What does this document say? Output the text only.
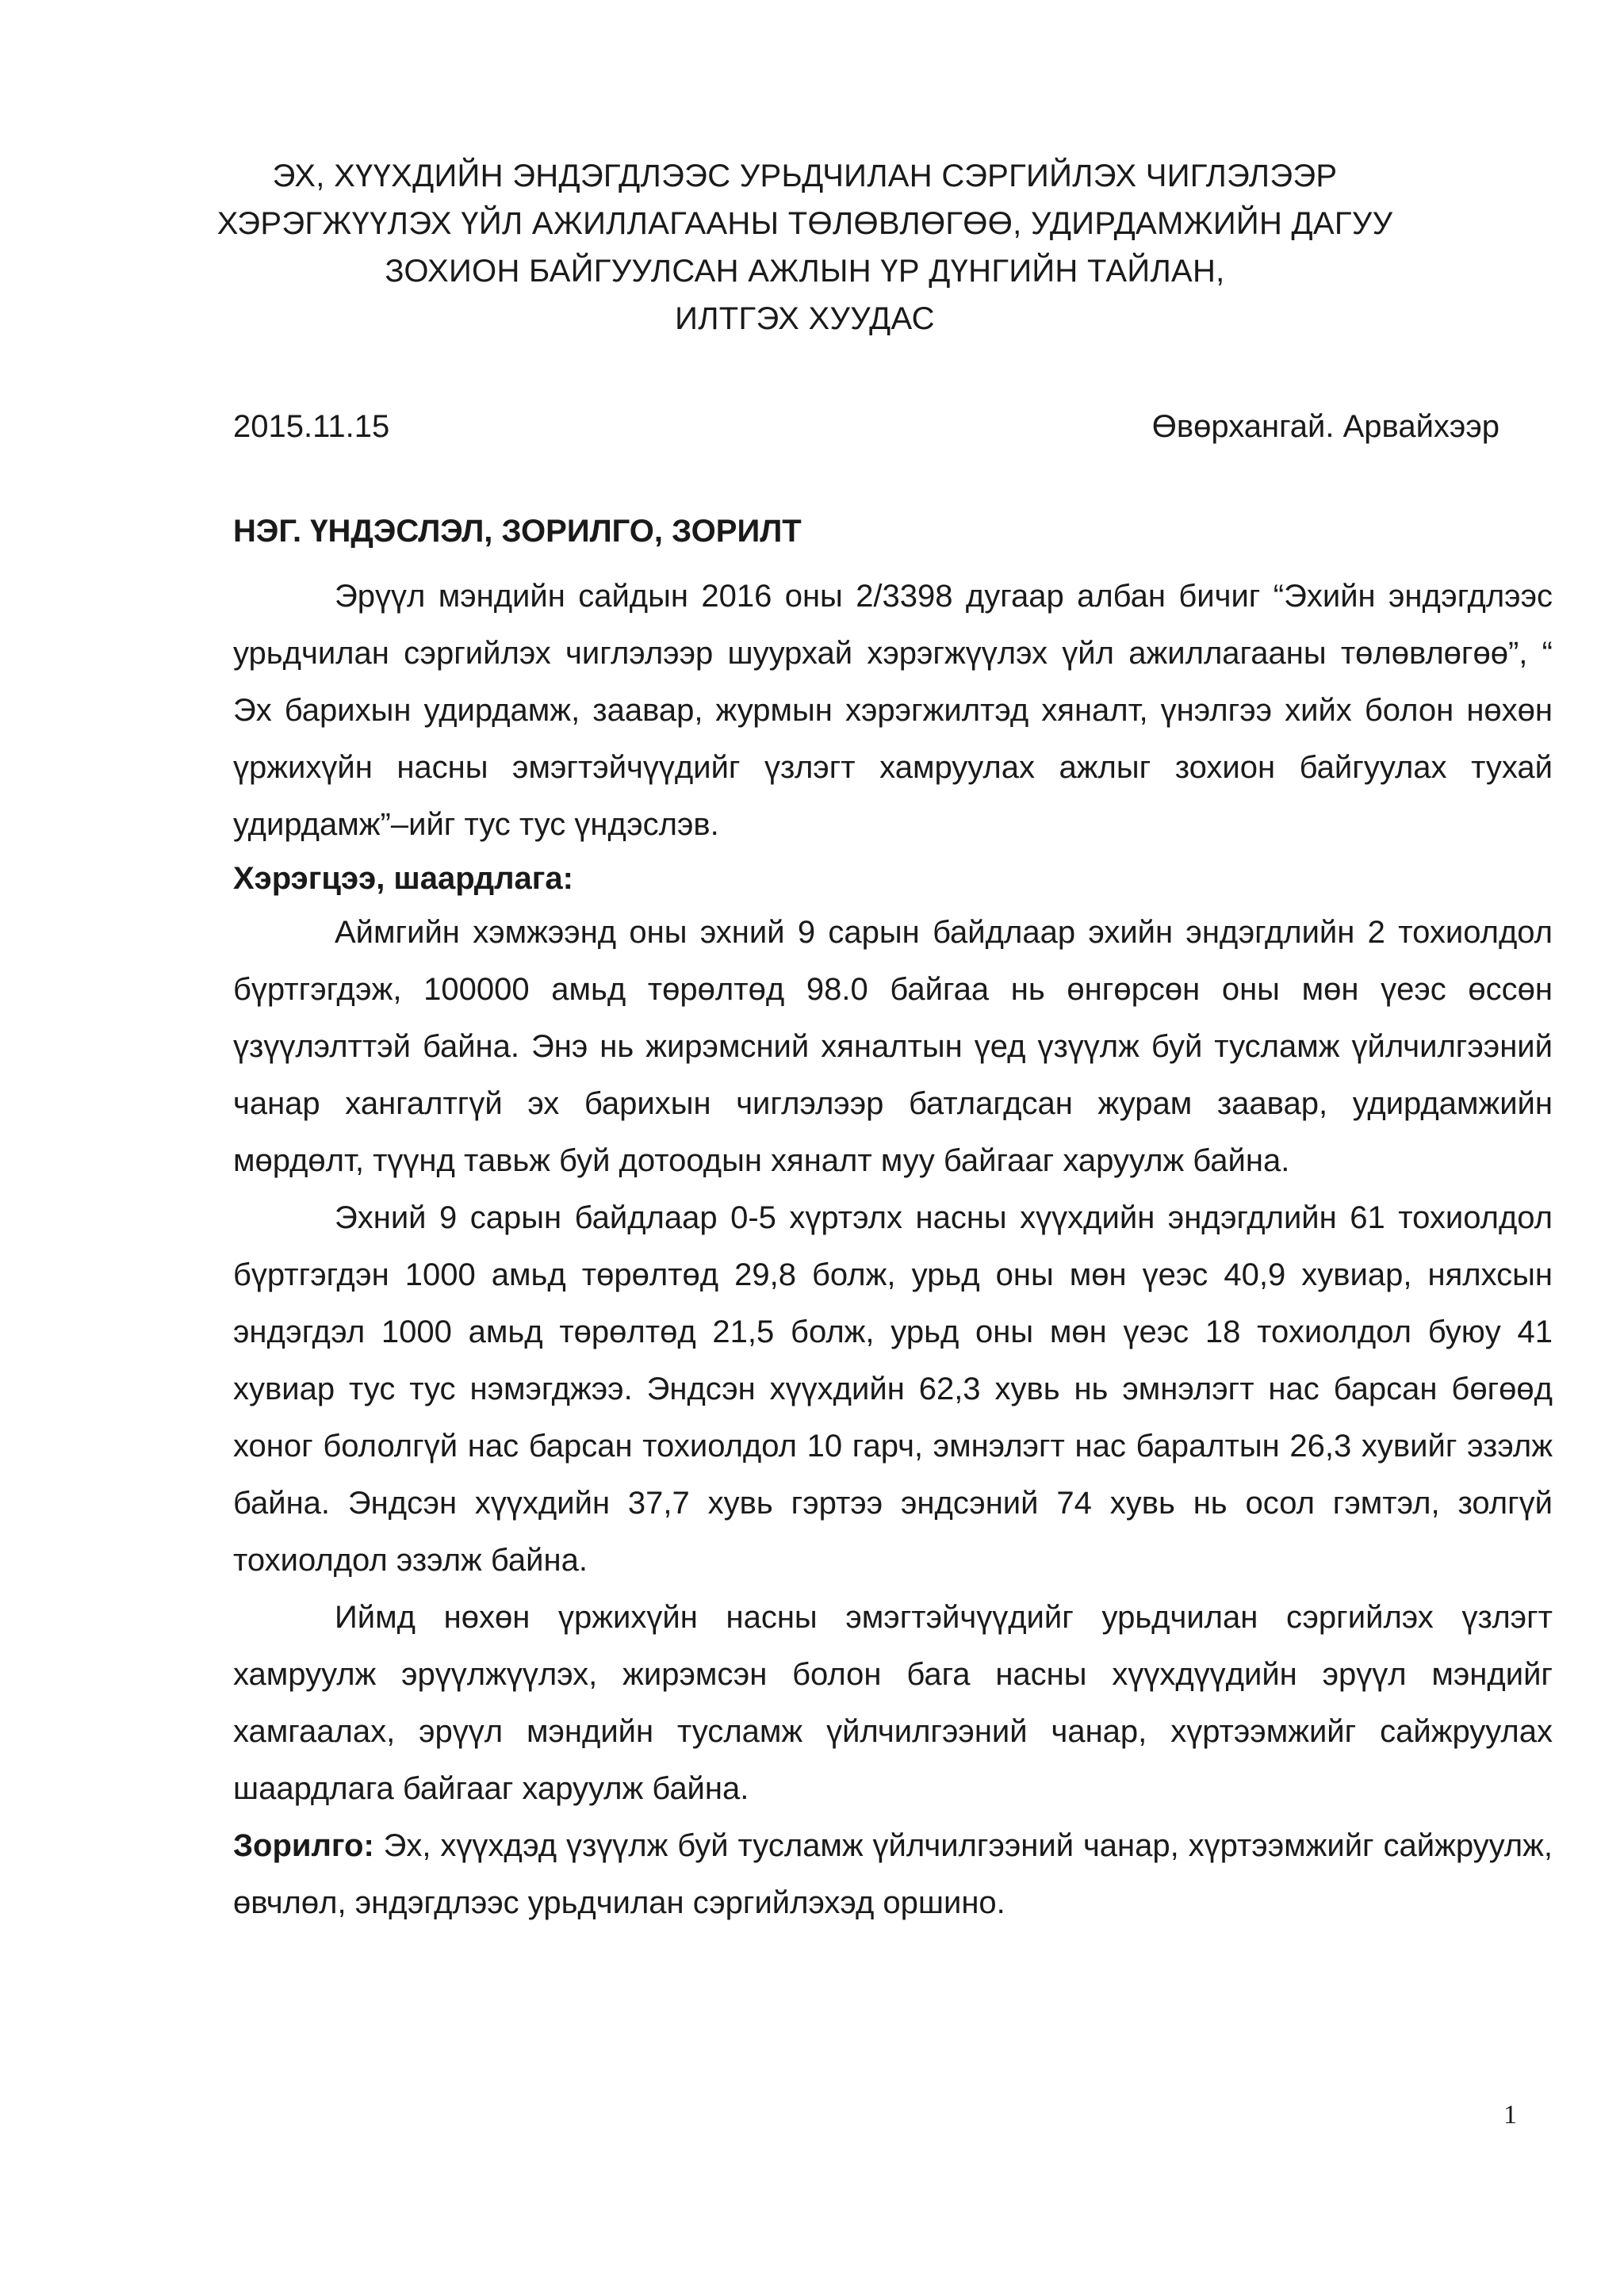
ЭХ, ХҮҮХДИЙН ЭНДЭГДЛЭЭС УРЬДЧИЛАН СЭРГИЙЛЭХ ЧИГЛЭЛЭЭР
ХЭРЭГЖҮҮЛЭХ ҮЙЛ АЖИЛЛАГААНЫ ТӨЛӨВЛӨГӨӨ, УДИРДАМЖИЙН ДАГУУ
ЗОХИОН БАЙГУУЛСАН АЖЛЫН ҮР ДҮНГИЙН ТАЙЛАН,
ИЛТГЭХ ХУУДАС
2015.11.15	Өвөрхангай. Арвайхээр
НЭГ. ҮНДЭСЛЭЛ, ЗОРИЛГО, ЗОРИЛТ

Эрүүл мэндийн сайдын 2016 оны 2/3398 дугаар албан бичиг “Эхийн эндэгдлээс урьдчилан сэргийлэх чиглэлээр шуурхай хэрэгжүүлэх үйл ажиллагааны төлөвлөгөө”, “ Эх барихын удирдамж, заавар, журмын хэрэгжилтэд хяналт, үнэлгээ хийх болон нөхөн үржихүйн насны эмэгтэйчүүдийг үзлэгт хамруулах ажлыг зохион байгуулах тухай удирдамж”–ийг тус тус үндэслэв.

Хэрэгцээ, шаардлага:

Аймгийн хэмжээнд оны эхний 9 сарын байдлаар эхийн эндэгдлийн 2 тохиолдол бүртгэгдэж, 100000 амьд төрөлтөд 98.0 байгаа нь өнгөрсөн оны мөн үеэс өссөн үзүүлэлттэй байна. Энэ нь жирэмсний хяналтын үед үзүүлж буй тусламж үйлчилгээний чанар хангалтгүй эх барихын чиглэлээр батлагдсан журам заавар, удирдамжийн мөрдөлт, түүнд тавьж буй дотоодын хяналт муу байгааг харуулж байна.

Эхний 9 сарын байдлаар 0-5 хүртэлх насны хүүхдийн эндэгдлийн 61 тохиолдол бүртгэгдэн 1000 амьд төрөлтөд 29,8 болж, урьд оны мөн үеэс 40,9 хувиар, нялхсын эндэгдэл 1000 амьд төрөлтөд 21,5 болж, урьд оны мөн үеэс 18 тохиолдол буюу 41 хувиар тус тус нэмэгджээ. Эндсэн хүүхдийн 62,3 хувь нь эмнэлэгт нас барсан бөгөөд хоног бололгүй нас барсан тохиолдол 10 гарч, эмнэлэгт нас баралтын 26,3 хувийг эзэлж байна. Эндсэн хүүхдийн 37,7 хувь гэртээ эндсэний 74 хувь нь осол гэмтэл, золгүй тохиолдол эзэлж байна.

Иймд нөхөн үржихүйн насны эмэгтэйчүүдийг урьдчилан сэргийлэх үзлэгт хамруулж эрүүлжүүлэх, жирэмсэн болон бага насны хүүхдүүдийн эрүүл мэндийг хамгаалах, эрүүл мэндийн тусламж үйлчилгээний чанар, хүртээмжийг сайжруулах шаардлага байгааг харуулж байна.

Зорилго: Эх, хүүхдэд үзүүлж буй тусламж үйлчилгээний чанар, хүртээмжийг сайжруулж, өвчлөл, эндэгдлээс урьдчилан сэргийлэхэд оршино.

1
